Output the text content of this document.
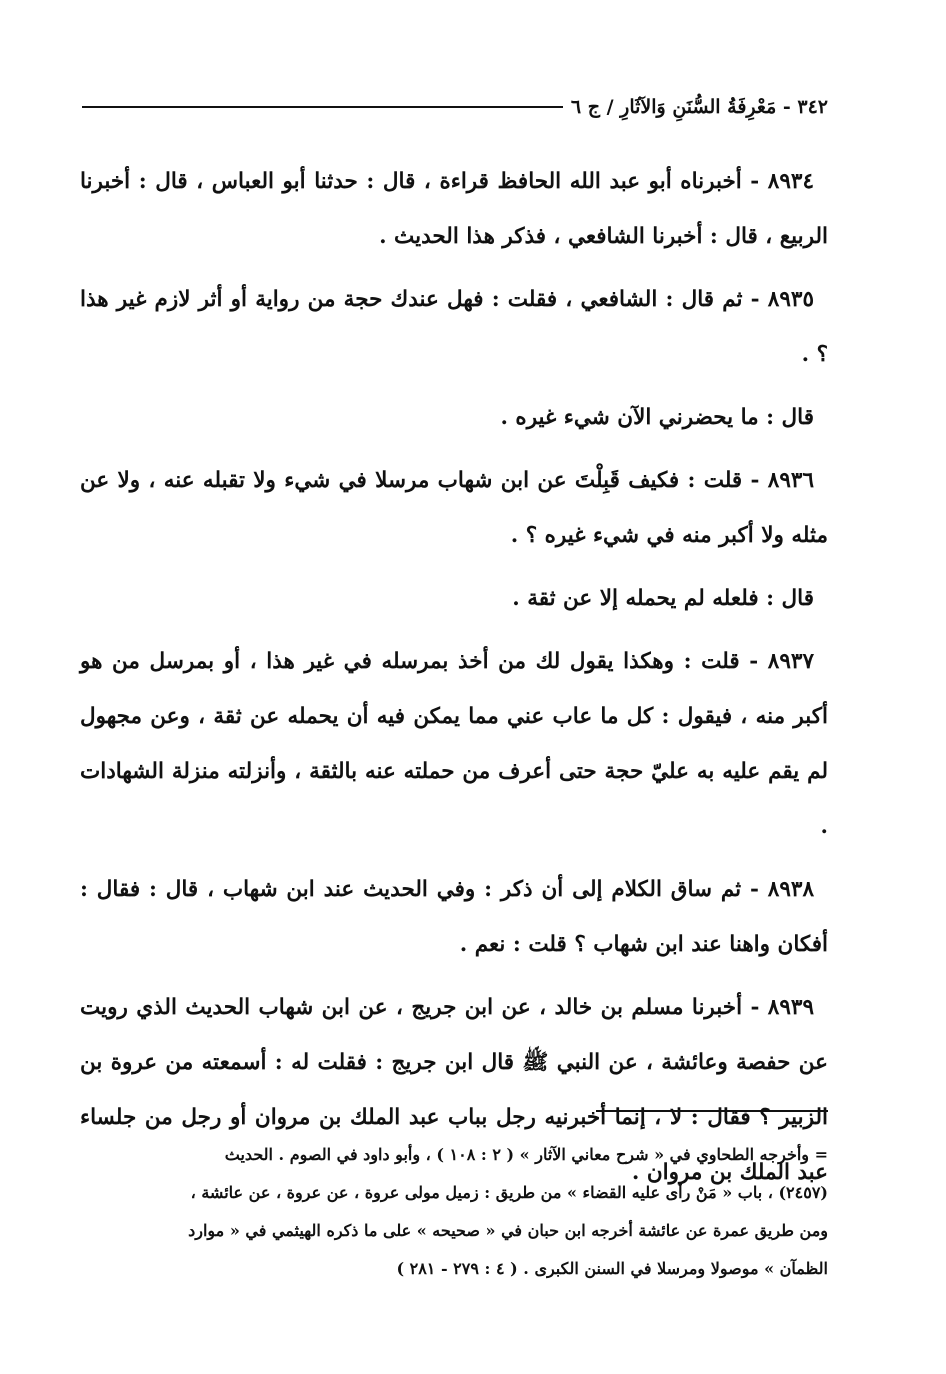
٣٤٢ - مَعْرِفَةُ السُّنَنِ وَالآثَارِ / ج ٦

٨٩٣٤ - أخبرناه أبو عبد الله الحافظ قراءة ، قال : حدثنا أبو العباس ، قال : أخبرنا الربيع ، قال : أخبرنا الشافعي ، فذكر هذا الحديث .

٨٩٣٥ - ثم قال : الشافعي ، فقلت : فهل عندك حجة من رواية أو أثر لازم غير هذا ؟ .

قال : ما يحضرني الآن شيء غيره .

٨٩٣٦ - قلت : فكيف قَبِلْتَ عن ابن شهاب مرسلا في شيء ولا تقبله عنه ، ولا عن مثله ولا أكبر منه في شيء غيره ؟ .

قال : فلعله لم يحمله إلا عن ثقة .

٨٩٣٧ - قلت : وهكذا يقول لك من أخذ بمرسله في غير هذا ، أو بمرسل من هو أكبر منه ، فيقول : كل ما عاب عني مما يمكن فيه أن يحمله عن ثقة ، وعن مجهول لم يقم عليه به عليّ حجة حتى أعرف من حملته عنه بالثقة ، وأنزلته منزلة الشهادات .

٨٩٣٨ - ثم ساق الكلام إلى أن ذكر : وفي الحديث عند ابن شهاب ، قال : فقال : أفكان واهنا عند ابن شهاب ؟ قلت : نعم .

٨٩٣٩ - أخبرنا مسلم بن خالد ، عن ابن جريج ، عن ابن شهاب الحديث الذي رويت عن حفصة وعائشة ، عن النبي ﷺ قال ابن جريج : فقلت له : أسمعته من عروة بن الزبير ؟ فقال : لا ، إنما أخبرنيه رجل بباب عبد الملك بن مروان أو رجل من جلساء عبد الملك بن مروان .

= وأخرجه الطحاوي في « شرح معاني الآثار » ( ٢ : ١٠٨ ) ، وأبو داود في الصوم . الحديث

(٢٤٥٧) ، باب « مَنْ رأى عليه القضاء » من طريق : زميل مولى عروة ، عن عروة ، عن عائشة ،

ومن طريق عمرة عن عائشة أخرجه ابن حبان في « صحيحه » على ما ذكره الهيثمي في « موارد

الظمآن » موصولا ومرسلا في السنن الكبرى . ( ٤ : ٢٧٩ - ٢٨١ )
